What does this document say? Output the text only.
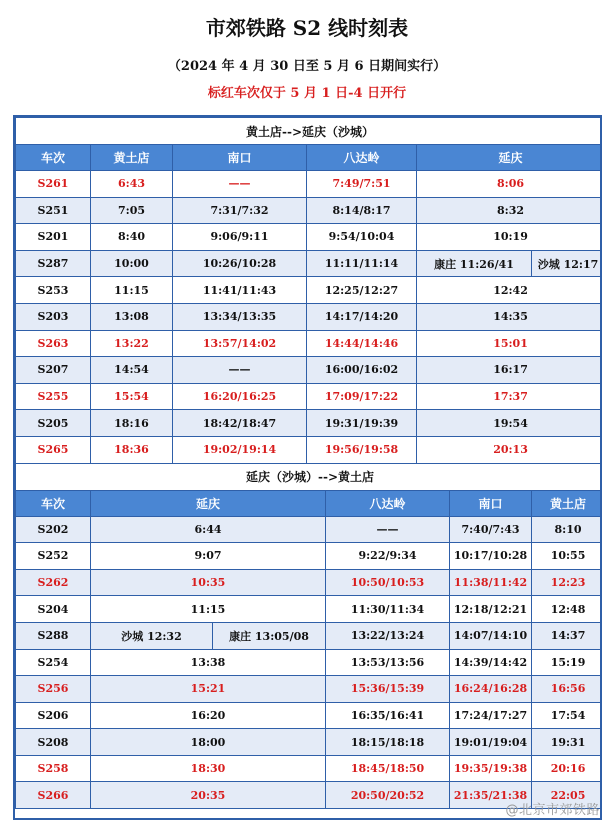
市郊铁路 S2 线时刻表
（2024 年 4 月 30 日至 5 月 6 日期间实行）
标红车次仅于 5 月 1 日-4 日开行
黄土店-->延庆（沙城）								
车次	黄土店	南口		八达岭		延庆		
S261	6:43	——		7:49/7:51		8:06		
S251	7:05	7:31/7:32		8:14/8:17		8:32		
S201	8:40	9:06/9:11		9:54/10:04		10:19		
S287	10:00	10:26/10:28		11:11/11:14		康庄 11:26/41		沙城 12:17
S253	11:15	11:41/11:43		12:25/12:27		12:42		
S203	13:08	13:34/13:35		14:17/14:20		14:35		
S263	13:22	13:57/14:02		14:44/14:46		15:01		
S207	14:54	——		16:00/16:02		16:17		
S255	15:54	16:20/16:25		17:09/17:22		17:37		
S205	18:16	18:42/18:47		19:31/19:39		19:54		
S265	18:36	19:02/19:14		19:56/19:58		20:13		
延庆（沙城）-->黄土店								
车次	延庆				八达岭		南口	黄土店
S202	6:44				——		7:40/7:43	8:10
S252	9:07				9:22/9:34		10:17/10:28	10:55
S262	10:35				10:50/10:53		11:38/11:42	12:23
S204	11:15				11:30/11:34		12:18/12:21	12:48
S288	沙城 12:32		康庄 13:05/08		13:22/13:24		14:07/14:10	14:37
S254	13:38				13:53/13:56		14:39/14:42	15:19
S256	15:21				15:36/15:39		16:24/16:28	16:56
S206	16:20				16:35/16:41		17:24/17:27	17:54
S208	18:00				18:15/18:18		19:01/19:04	19:31
S258	18:30				18:45/18:50		19:35/19:38	20:16
S266	20:35				20:50/20:52		21:35/21:38	22:05
@北京市郊铁路
